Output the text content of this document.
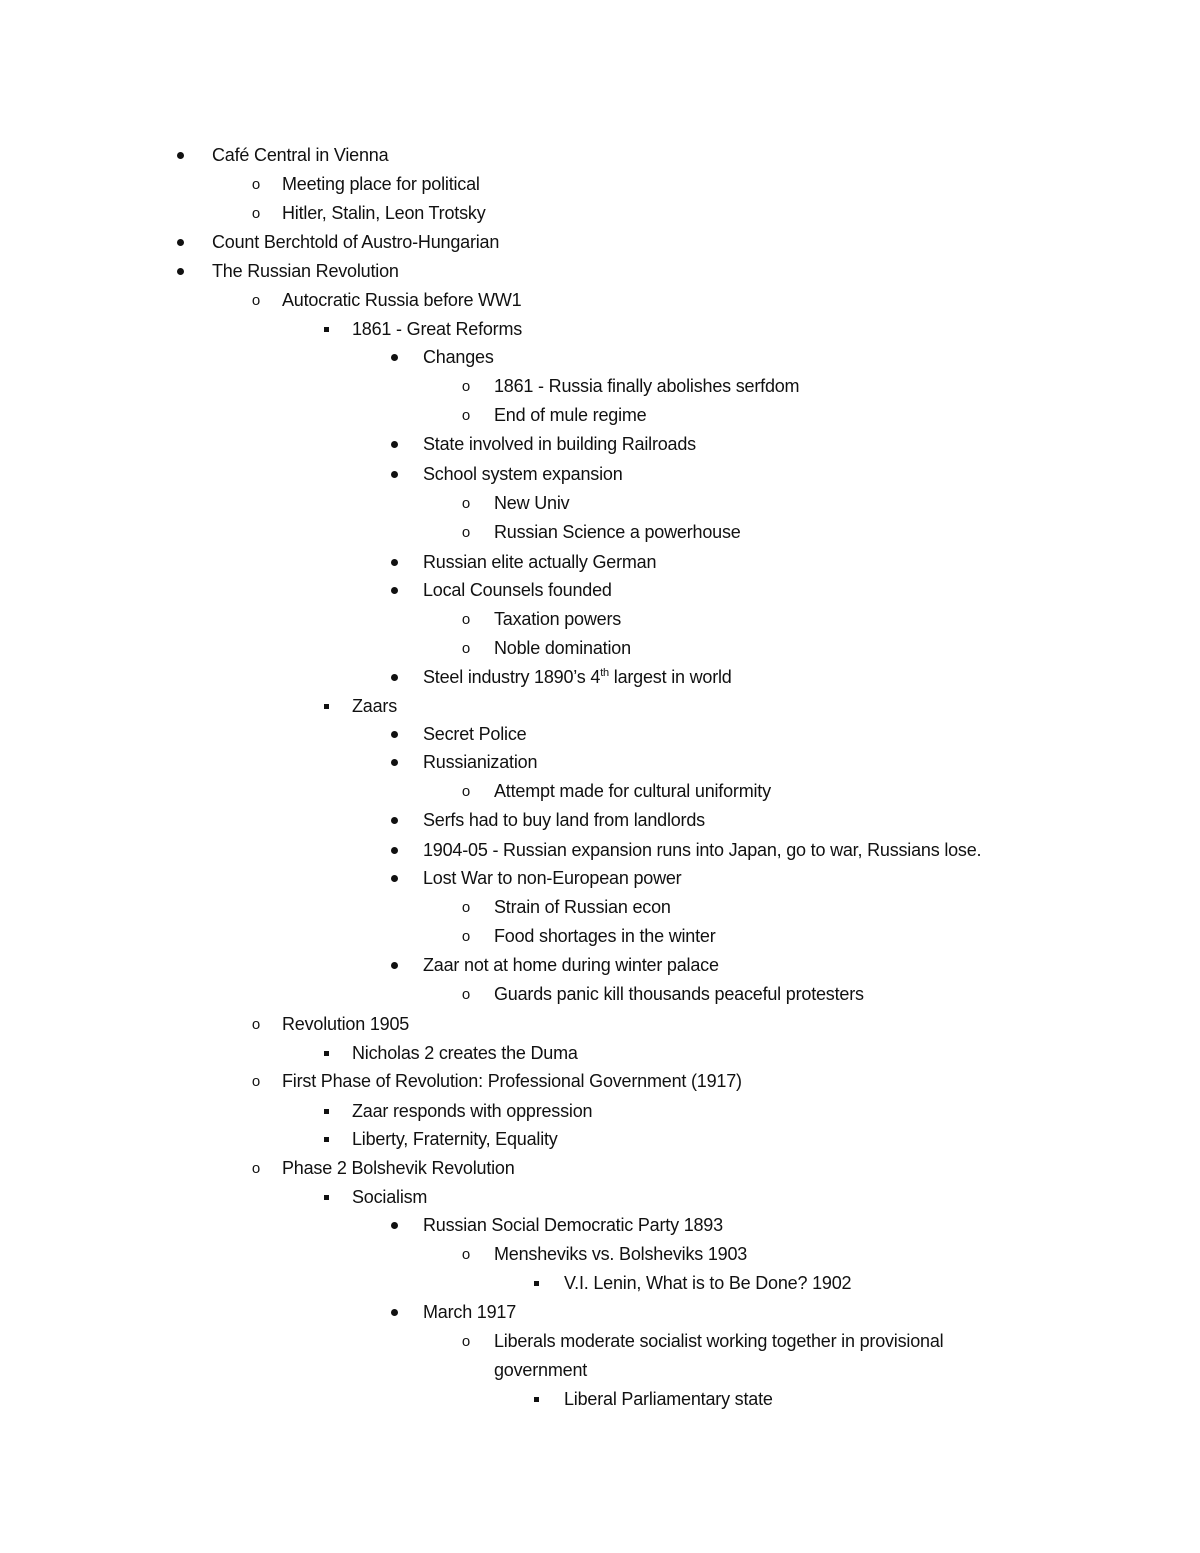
Café Central in Vienna
o	Meeting place for political
o	Hitler, Stalin, Leon Trotsky
Count Berchtold of Austro-Hungarian
The Russian Revolution
o	Autocratic Russia before WW1
1861 - Great Reforms
Changes
o	1861 - Russia finally abolishes serfdom
o	End of mule regime
State involved in building Railroads
School system expansion
o	New Univ
o	Russian Science a powerhouse
Russian elite actually German
Local Counsels founded
o	Taxation powers
o	Noble domination
Steel industry 1890’s 4th largest in world
Zaars
Secret Police
Russianization
o	Attempt made for cultural uniformity
Serfs had to buy land from landlords
1904-05 - Russian expansion runs into Japan, go to war, Russians lose.
Lost War to non-European power
o	Strain of Russian econ
o	Food shortages in the winter
Zaar not at home during winter palace
o	Guards panic kill thousands peaceful protesters
o	Revolution 1905
Nicholas 2 creates the Duma
o	First Phase of Revolution: Professional Government (1917)
Zaar responds with oppression
Liberty, Fraternity, Equality
o	Phase 2 Bolshevik Revolution
Socialism
Russian Social Democratic Party 1893
o	Mensheviks vs. Bolsheviks 1903
V.I. Lenin, What is to Be Done? 1902
March 1917
o	Liberals moderate socialist working together in provisional government
Liberal Parliamentary state
